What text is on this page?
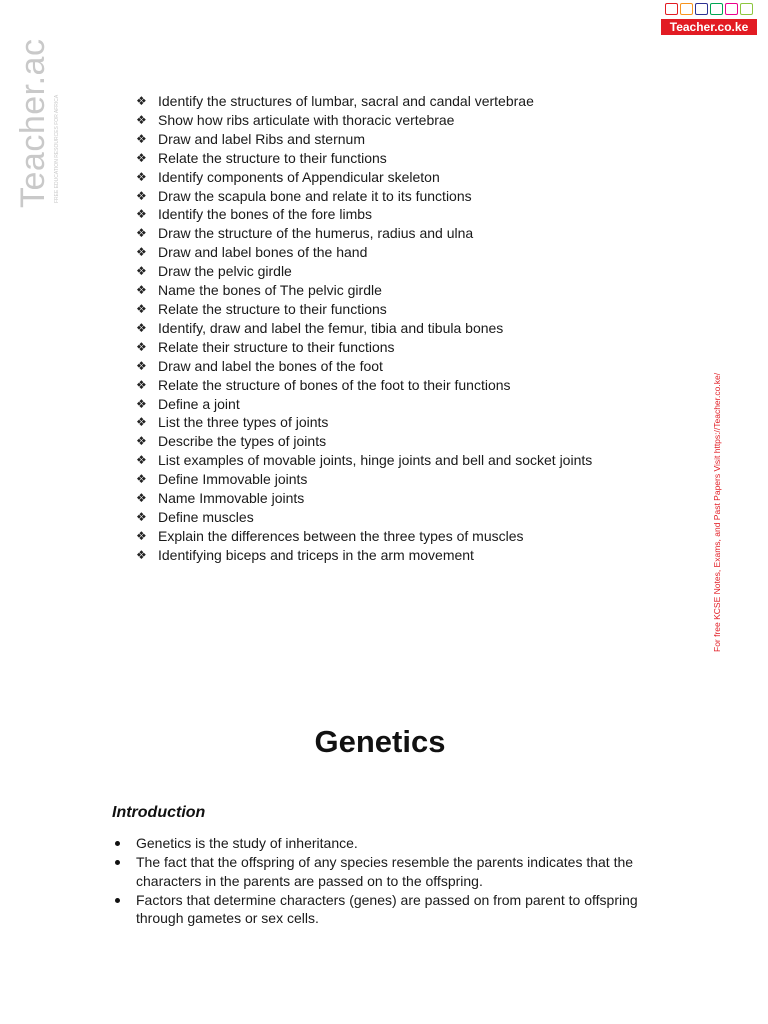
Teacher.ac FREE EDUCATION RESOURCES FOR AFRICA
Teacher.co.ke
For free KCSE Notes, Exams, and Past Papers Visit https://Teacher.co.ke/
❖ Identify the structures of lumbar, sacral and candal vertebrae
❖ Show how ribs articulate with thoracic vertebrae
❖ Draw and label Ribs and sternum
❖ Relate the structure to their functions
❖ Identify components of Appendicular skeleton
❖ Draw the scapula bone and relate it to its functions
❖ Identify the bones of the fore limbs
❖ Draw the structure of the humerus, radius and ulna
❖ Draw and label bones of the hand
❖ Draw the pelvic girdle
❖ Name the bones of The pelvic girdle
❖ Relate the structure to their functions
❖ Identify, draw and label the femur, tibia and tibula bones
❖ Relate their structure to their functions
❖ Draw and label the bones of the foot
❖ Relate the structure of bones of the foot to their functions
❖ Define a joint
❖ List the three types of joints
❖ Describe the types of joints
❖ List examples of movable joints, hinge joints and bell and socket joints
❖ Define Immovable joints
❖ Name Immovable joints
❖ Define muscles
❖ Explain the differences between the three types of muscles
❖ Identifying biceps and triceps in the arm movement
Genetics
Introduction
Genetics is the study of inheritance.
The fact that the offspring of any species resemble the parents indicates that the characters in the parents are passed on to the offspring.
Factors that determine characters (genes) are passed on from parent to offspring through gametes or sex cells.
